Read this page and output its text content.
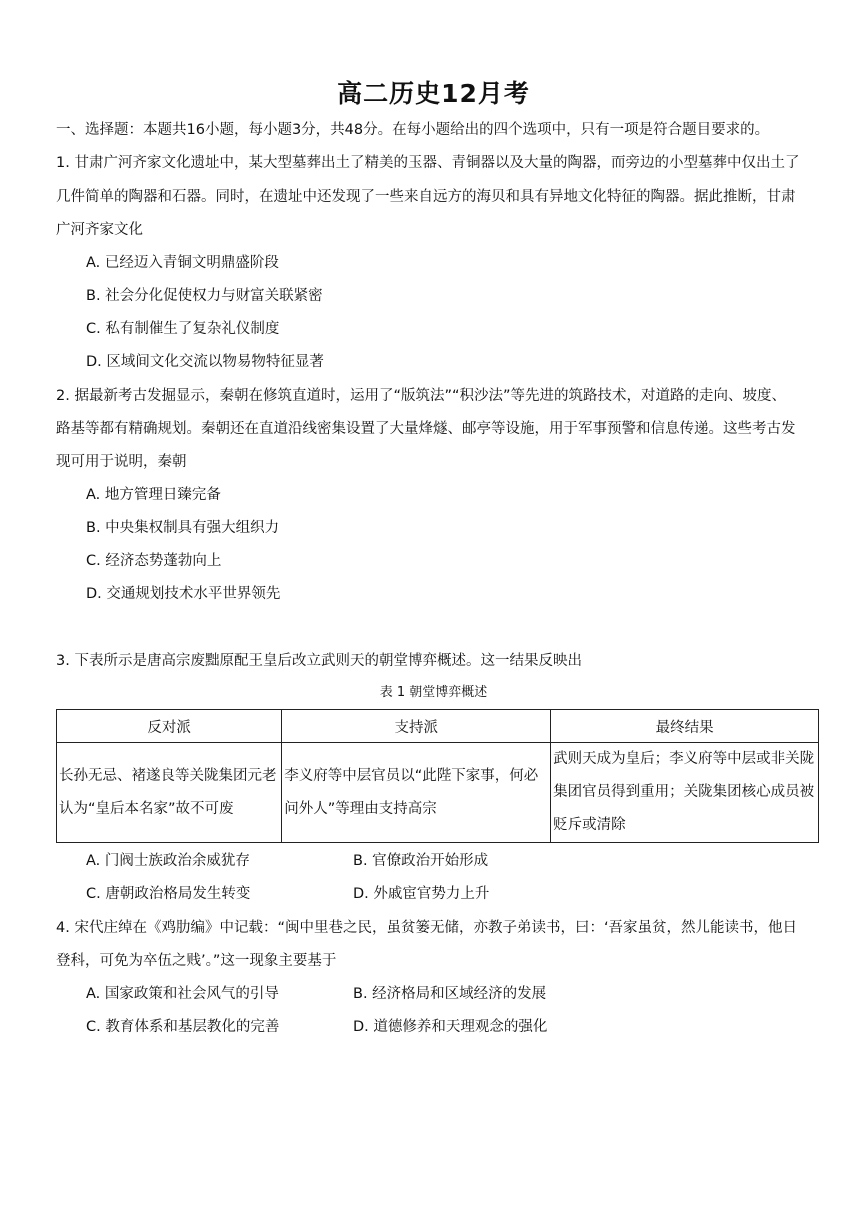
高二历史12月考
一、选择题：本题共16小题，每小题3分，共48分。在每小题给出的四个选项中，只有一项是符合题目要求的。
1. 甘肃广河齐家文化遗址中，某大型墓葬出土了精美的玉器、青铜器以及大量的陶器，而旁边的小型墓葬中仅出土了
几件简单的陶器和石器。同时，在遗址中还发现了一些来自远方的海贝和具有异地文化特征的陶器。据此推断，甘肃
广河齐家文化
A. 已经迈入青铜文明鼎盛阶段
B. 社会分化促使权力与财富关联紧密
C. 私有制催生了复杂礼仪制度
D. 区域间文化交流以物易物特征显著
2. 据最新考古发掘显示，秦朝在修筑直道时，运用了“版筑法”“积沙法”等先进的筑路技术，对道路的走向、坡度、
路基等都有精确规划。秦朝还在直道沿线密集设置了大量烽燧、邮亭等设施，用于军事预警和信息传递。这些考古发
现可用于说明，秦朝
A. 地方管理日臻完备
B. 中央集权制具有强大组织力
C. 经济态势蓬勃向上
D. 交通规划技术水平世界领先
3. 下表所示是唐高宗废黜原配王皇后改立武则天的朝堂博弈概述。这一结果反映出
表 1 朝堂博弈概述
反对派	支持派	最终结果
长孙无忌、褚遂良等关陇集团元老认为“皇后本名家”故不可废	李义府等中层官员以“此陛下家事，何必问外人”等理由支持高宗	武则天成为皇后；李义府等中层或非关陇集团官员得到重用；关陇集团核心成员被贬斥或清除
A. 门阀士族政治余威犹存	B. 官僚政治开始形成
C. 唐朝政治格局发生转变	D. 外戚宦官势力上升
4. 宋代庄绰在《鸡肋编》中记载：“闽中里巷之民，虽贫篓无储，亦教子弟读书，曰：‘吾家虽贫，然儿能读书，他日
登科，可免为卒伍之贱’。”这一现象主要基于
A. 国家政策和社会风气的引导	B. 经济格局和区域经济的发展
C. 教育体系和基层教化的完善	D. 道德修养和天理观念的强化
